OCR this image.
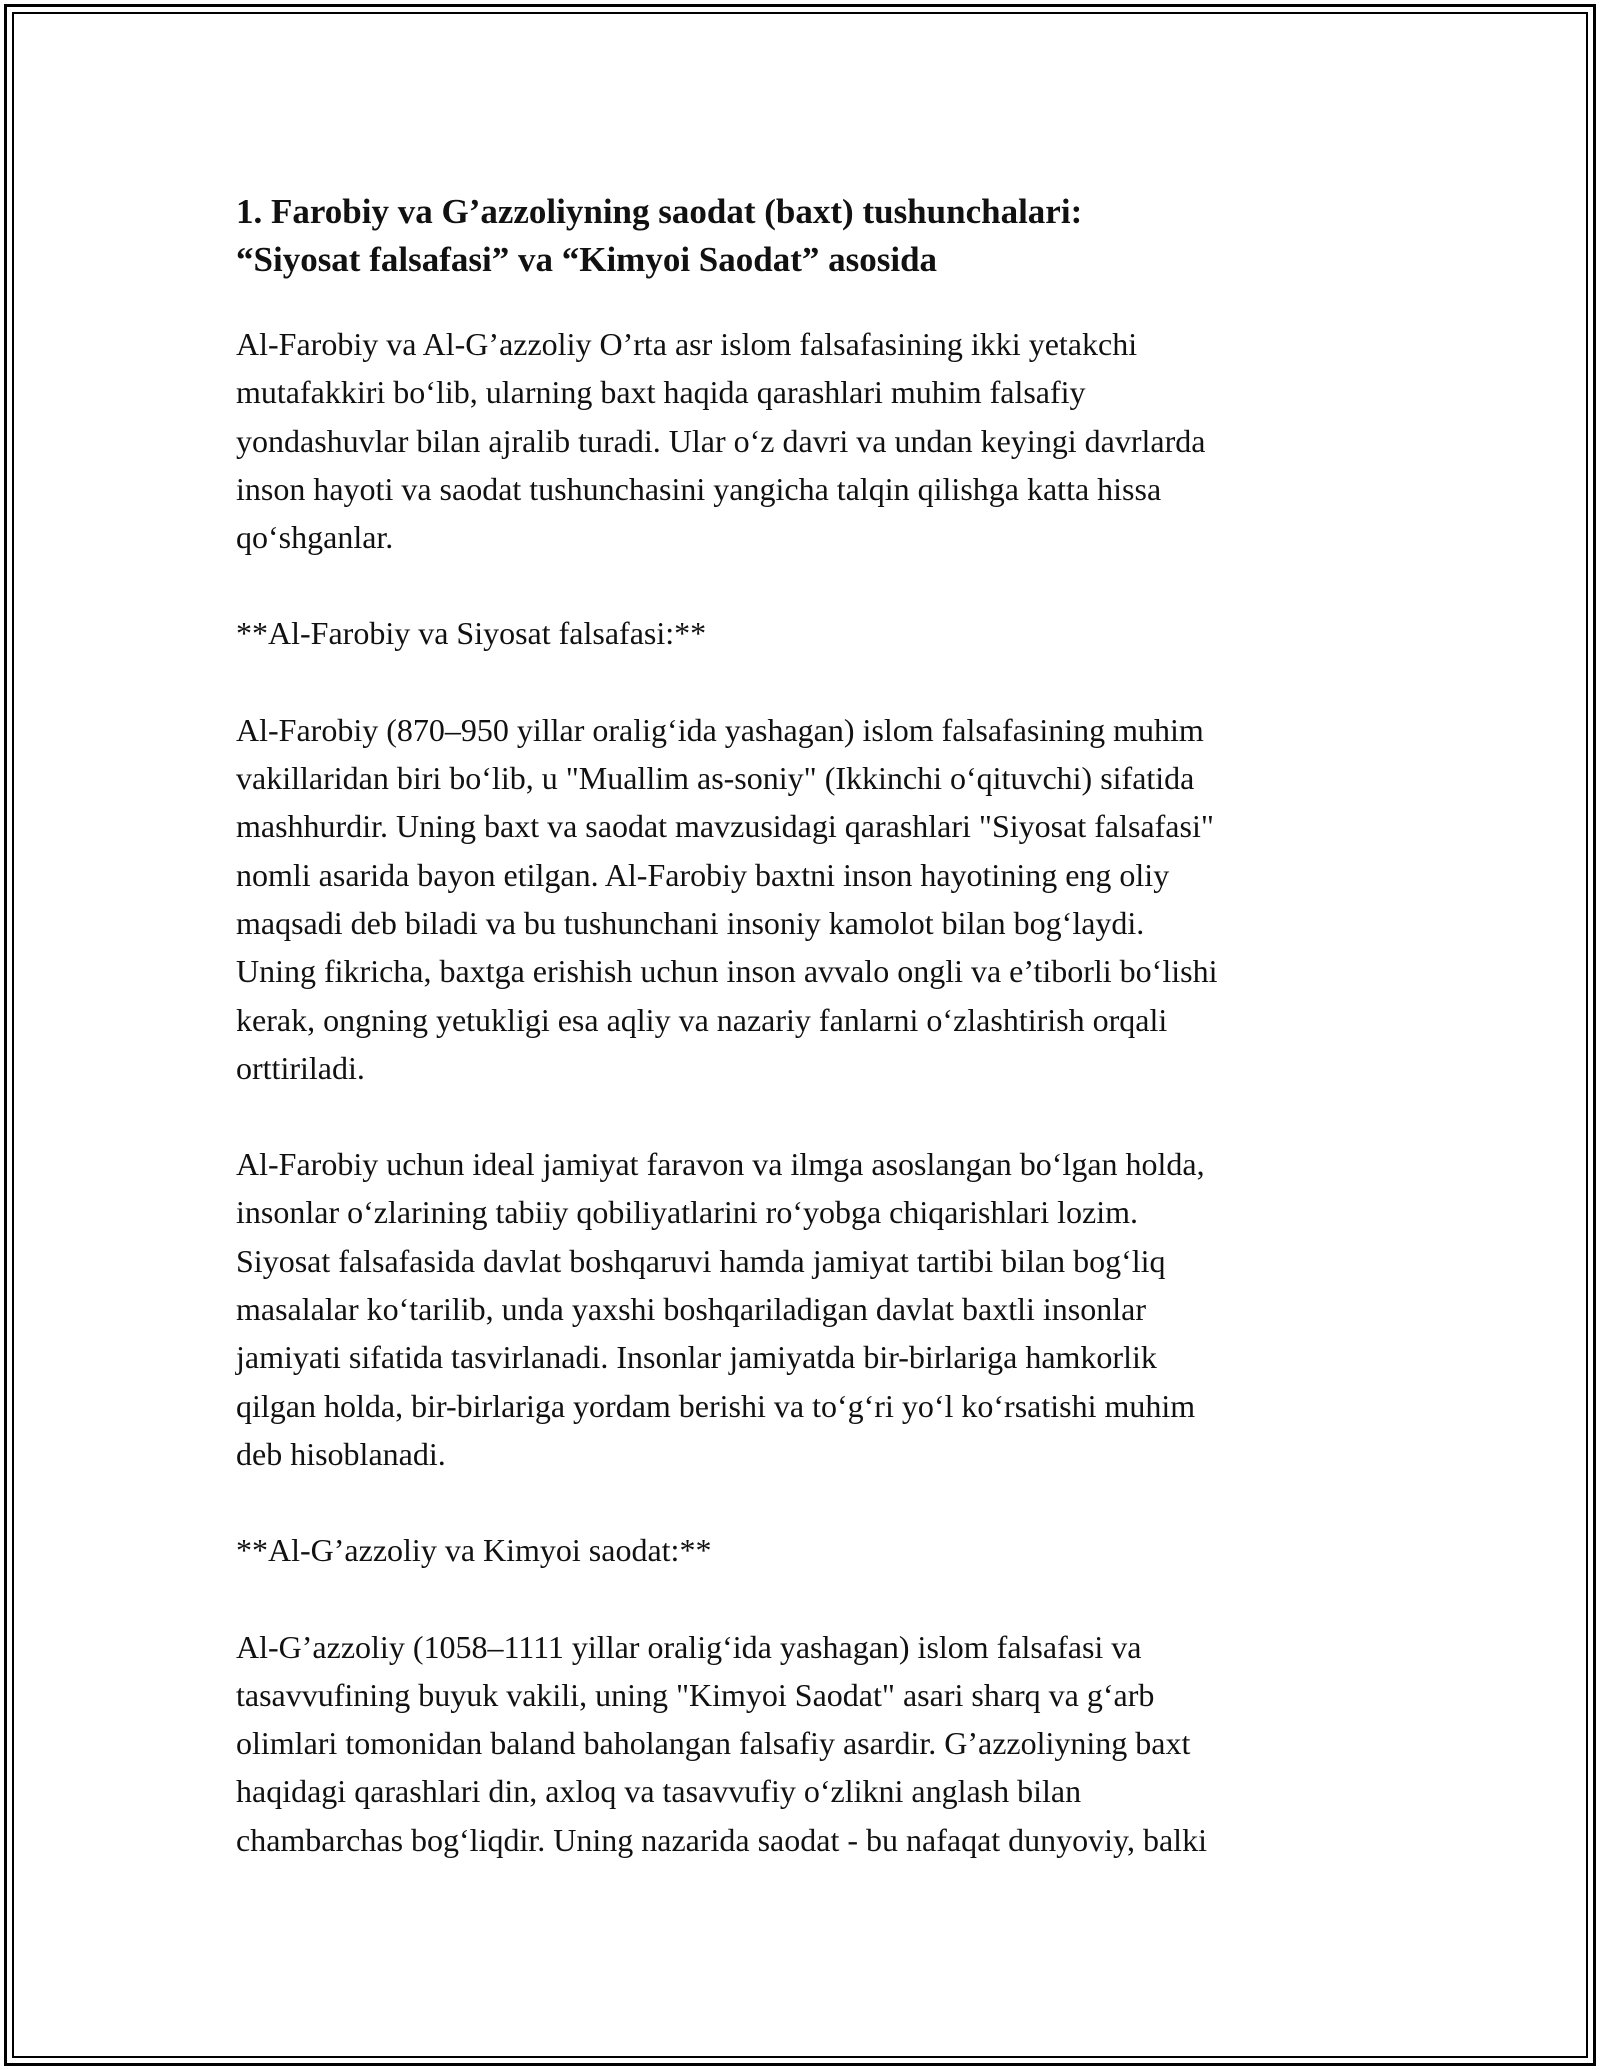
1. Farobiy va G’azzoliyning saodat (baxt) tushunchalari:
“Siyosat falsafasi” va “Kimyoi Saodat” asosida

Al-Farobiy va Al-G’azzoliy O’rta asr islom falsafasining ikki yetakchi
mutafakkiri bo‘lib, ularning baxt haqida qarashlari muhim falsafiy
yondashuvlar bilan ajralib turadi. Ular o‘z davri va undan keyingi davrlarda
inson hayoti va saodat tushunchasini yangicha talqin qilishga katta hissa
qo‘shganlar.

**Al-Farobiy va Siyosat falsafasi:**

Al-Farobiy (870–950 yillar oralig‘ida yashagan) islom falsafasining muhim
vakillaridan biri bo‘lib, u "Muallim as-soniy" (Ikkinchi o‘qituvchi) sifatida
mashhurdir. Uning baxt va saodat mavzusidagi qarashlari "Siyosat falsafasi"
nomli asarida bayon etilgan. Al-Farobiy baxtni inson hayotining eng oliy
maqsadi deb biladi va bu tushunchani insoniy kamolot bilan bog‘laydi.
Uning fikricha, baxtga erishish uchun inson avvalo ongli va e’tiborli bo‘lishi
kerak, ongning yetukligi esa aqliy va nazariy fanlarni o‘zlashtirish orqali
orttiriladi.

Al-Farobiy uchun ideal jamiyat faravon va ilmga asoslangan bo‘lgan holda,
insonlar o‘zlarining tabiiy qobiliyatlarini ro‘yobga chiqarishlari lozim.
Siyosat falsafasida davlat boshqaruvi hamda jamiyat tartibi bilan bog‘liq
masalalar ko‘tarilib, unda yaxshi boshqariladigan davlat baxtli insonlar
jamiyati sifatida tasvirlanadi. Insonlar jamiyatda bir-birlariga hamkorlik
qilgan holda, bir-birlariga yordam berishi va to‘g‘ri yo‘l ko‘rsatishi muhim
deb hisoblanadi.

**Al-G’azzoliy va Kimyoi saodat:**

Al-G’azzoliy (1058–1111 yillar oralig‘ida yashagan) islom falsafasi va
tasavvufining buyuk vakili, uning "Kimyoi Saodat" asari sharq va g‘arb
olimlari tomonidan baland baholangan falsafiy asardir. G’azzoliyning baxt
haqidagi qarashlari din, axloq va tasavvufiy o‘zlikni anglash bilan
chambarchas bog‘liqdir. Uning nazarida saodat - bu nafaqat dunyoviy, balki
